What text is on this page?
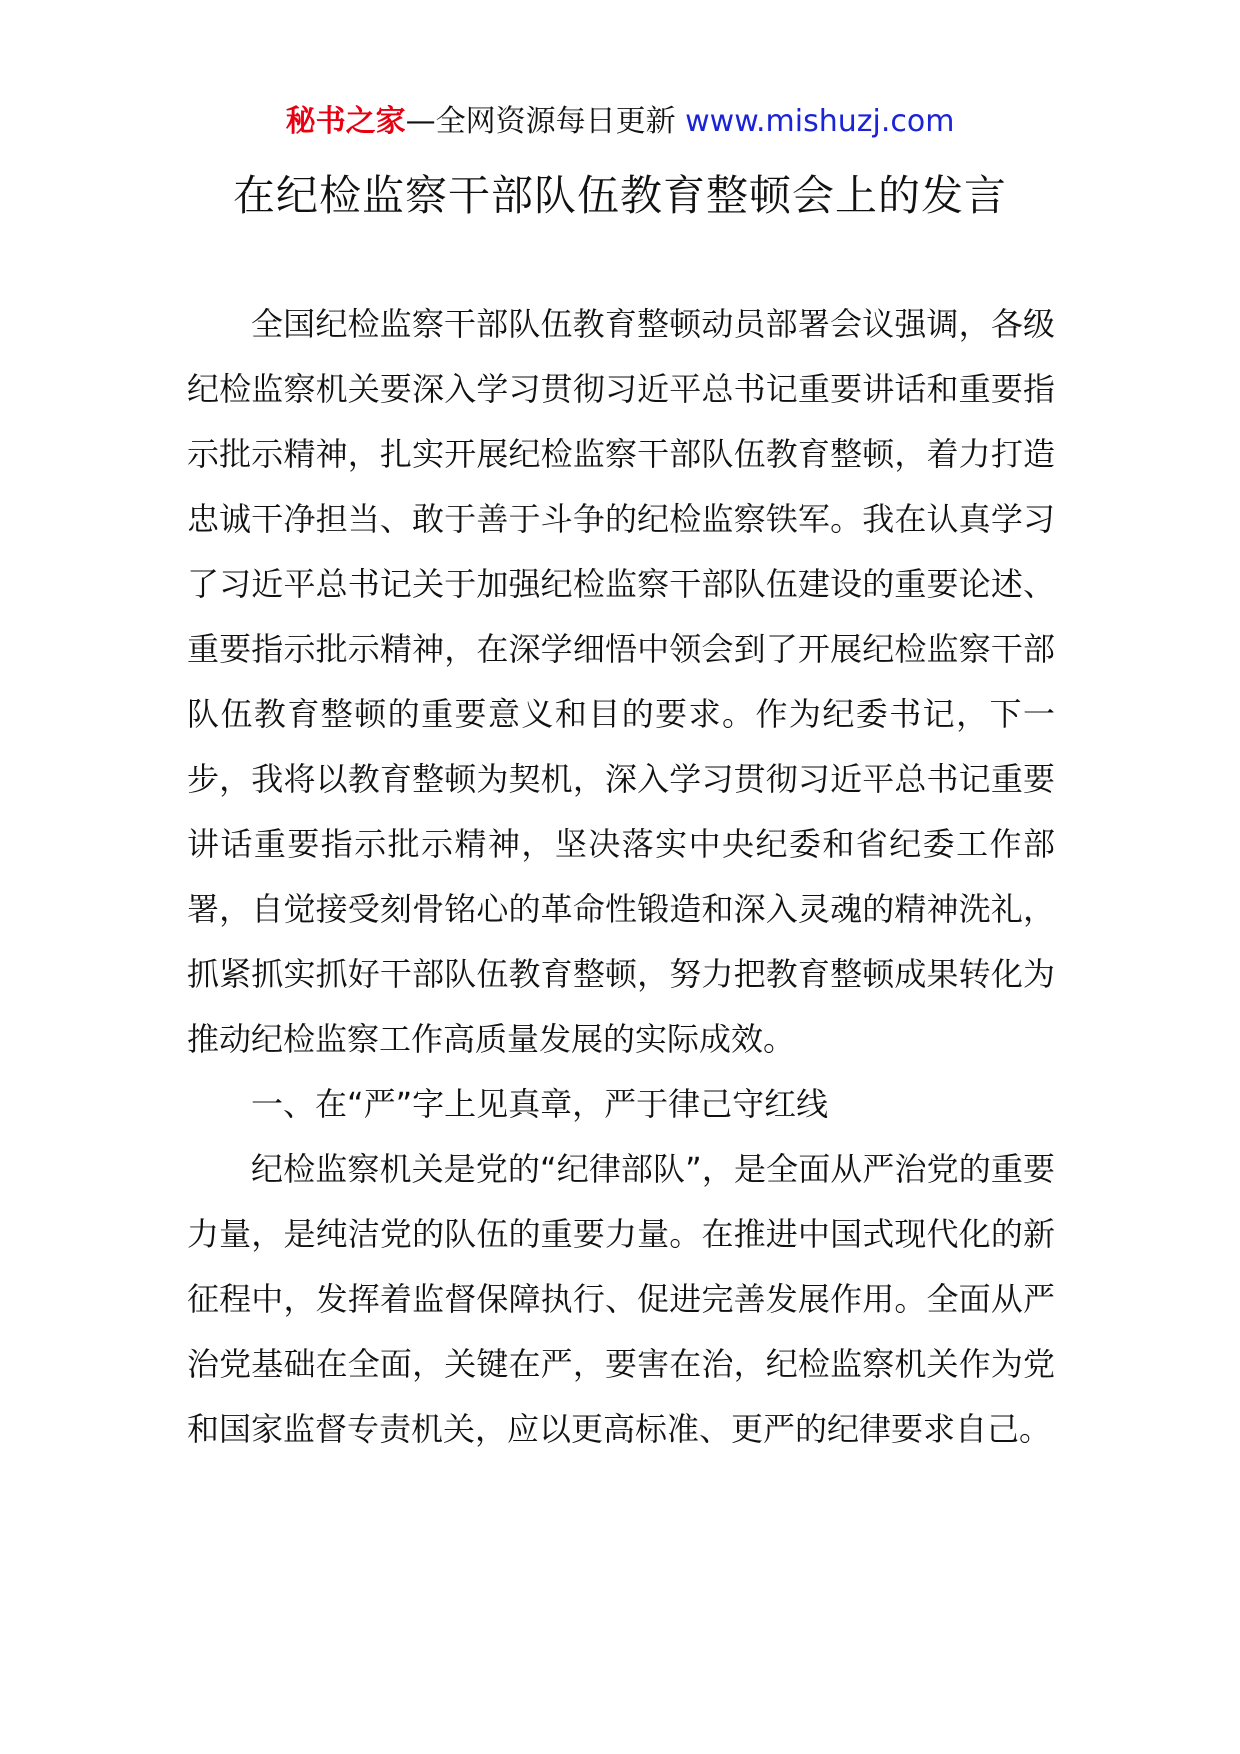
秘书之家—全网资源每日更新 www.mishuzj.com
在纪检监察干部队伍教育整顿会上的发言

全国纪检监察干部队伍教育整顿动员部署会议强调，各级纪检监察机关要深入学习贯彻习近平总书记重要讲话和重要指示批示精神，扎实开展纪检监察干部队伍教育整顿，着力打造忠诚干净担当、敢于善于斗争的纪检监察铁军。我在认真学习了习近平总书记关于加强纪检监察干部队伍建设的重要论述、重要指示批示精神，在深学细悟中领会到了开展纪检监察干部队伍教育整顿的重要意义和目的要求。作为纪委书记，下一步，我将以教育整顿为契机，深入学习贯彻习近平总书记重要讲话重要指示批示精神，坚决落实中央纪委和省纪委工作部署，自觉接受刻骨铭心的革命性锻造和深入灵魂的精神洗礼，抓紧抓实抓好干部队伍教育整顿，努力把教育整顿成果转化为推动纪检监察工作高质量发展的实际成效。

一、在“严”字上见真章，严于律己守红线

纪检监察机关是党的“纪律部队”，是全面从严治党的重要力量，是纯洁党的队伍的重要力量。在推进中国式现代化的新征程中，发挥着监督保障执行、促进完善发展作用。全面从严治党基础在全面，关键在严，要害在治，纪检监察机关作为党和国家监督专责机关，应以更高标准、更严的纪律要求自己。
